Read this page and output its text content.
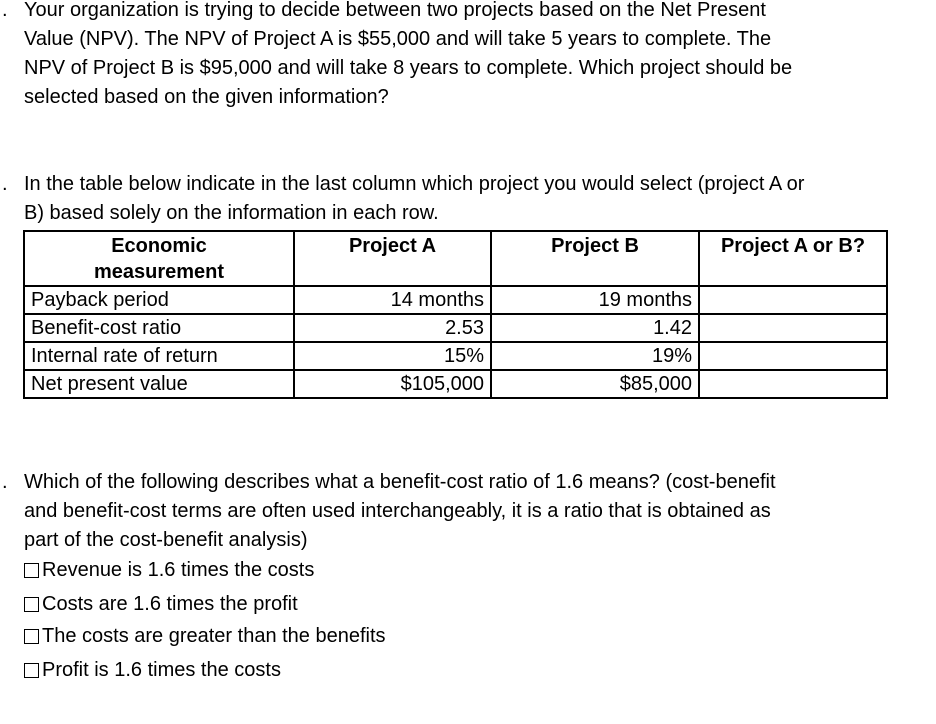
. Your organization is trying to decide between two projects based on the Net Present
Value (NPV). The NPV of Project A is $55,000 and will take 5 years to complete. The
NPV of Project B is $95,000 and will take 8 years to complete. Which project should be
selected based on the given information?
. In the table below indicate in the last column which project you would select (project A or
B) based solely on the information in each row.
Economic
measurement	Project A	Project B	Project A or B?
Payback period	14 months	19 months	
Benefit-cost ratio	2.53	1.42	
Internal rate of return	15%	19%	
Net present value	$105,000	$85,000	
. Which of the following describes what a benefit-cost ratio of 1.6 means? (cost-benefit
and benefit-cost terms are often used interchangeably, it is a ratio that is obtained as
part of the cost-benefit analysis)
Revenue is 1.6 times the costs
Costs are 1.6 times the profit
The costs are greater than the benefits
Profit is 1.6 times the costs
